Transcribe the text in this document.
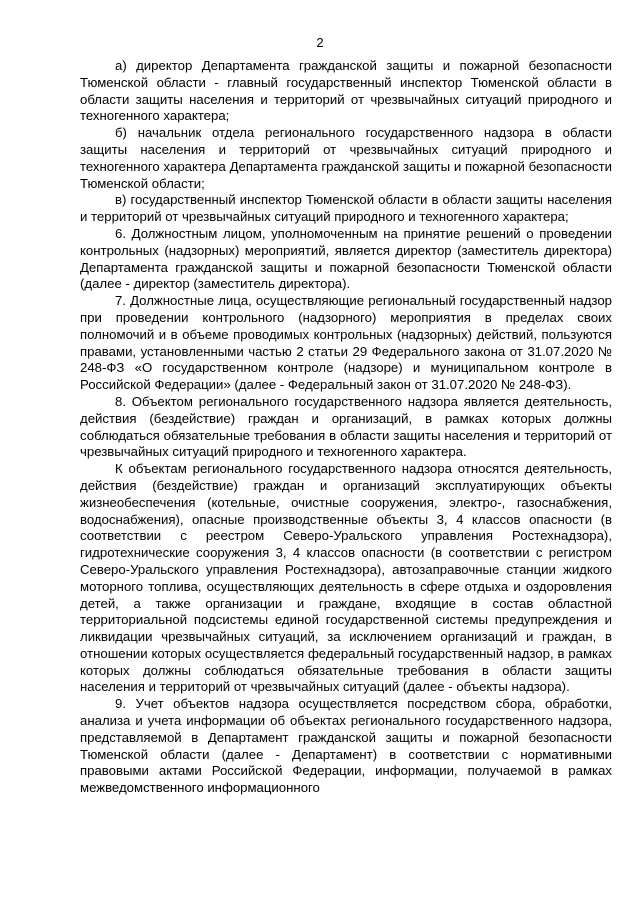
2

а) директор Департамента гражданской защиты и пожарной безопасности Тюменской области - главный государственный инспектор Тюменской области в области защиты населения и территорий от чрезвычайных ситуаций природного и техногенного характера;

б) начальник отдела регионального государственного надзора в области защиты населения и территорий от чрезвычайных ситуаций природного и техногенного характера Департамента гражданской защиты и пожарной безопасности Тюменской области;

в) государственный инспектор Тюменской области в области защиты населения и территорий от чрезвычайных ситуаций природного и техногенного характера;

6. Должностным лицом, уполномоченным на принятие решений о проведении контрольных (надзорных) мероприятий, является директор (заместитель директора) Департамента гражданской защиты и пожарной безопасности Тюменской области (далее - директор (заместитель директора).

7. Должностные лица, осуществляющие региональный государственный надзор при проведении контрольного (надзорного) мероприятия в пределах своих полномочий и в объеме проводимых контрольных (надзорных) действий, пользуются правами, установленными частью 2 статьи 29 Федерального закона от 31.07.2020 № 248-ФЗ «О государственном контроле (надзоре) и муниципальном контроле в Российской Федерации» (далее - Федеральный закон от 31.07.2020 № 248-ФЗ).

8. Объектом регионального государственного надзора является деятельность, действия (бездействие) граждан и организаций, в рамках которых должны соблюдаться обязательные требования в области защиты населения и территорий от чрезвычайных ситуаций природного и техногенного характера.

К объектам регионального государственного надзора относятся деятельность, действия (бездействие) граждан и организаций эксплуатирующих объекты жизнеобеспечения (котельные, очистные сооружения, электро-, газоснабжения, водоснабжения), опасные производственные объекты 3, 4 классов опасности (в соответствии с реестром Северо-Уральского управления Ростехнадзора), гидротехнические сооружения 3, 4 классов опасности (в соответствии с регистром Северо-Уральского управления Ростехнадзора), автозаправочные станции жидкого моторного топлива, осуществляющих деятельность в сфере отдыха и оздоровления детей, а также организации и граждане, входящие в состав областной территориальной подсистемы единой государственной системы предупреждения и ликвидации чрезвычайных ситуаций, за исключением организаций и граждан, в отношении которых осуществляется федеральный государственный надзор, в рамках которых должны соблюдаться обязательные требования в области защиты населения и территорий от чрезвычайных ситуаций (далее - объекты надзора).

9. Учет объектов надзора осуществляется посредством сбора, обработки, анализа и учета информации об объектах регионального государственного надзора, представляемой в Департамент гражданской защиты и пожарной безопасности Тюменской области (далее - Департамент) в соответствии с нормативными правовыми актами Российской Федерации, информации, получаемой в рамках межведомственного информационного
